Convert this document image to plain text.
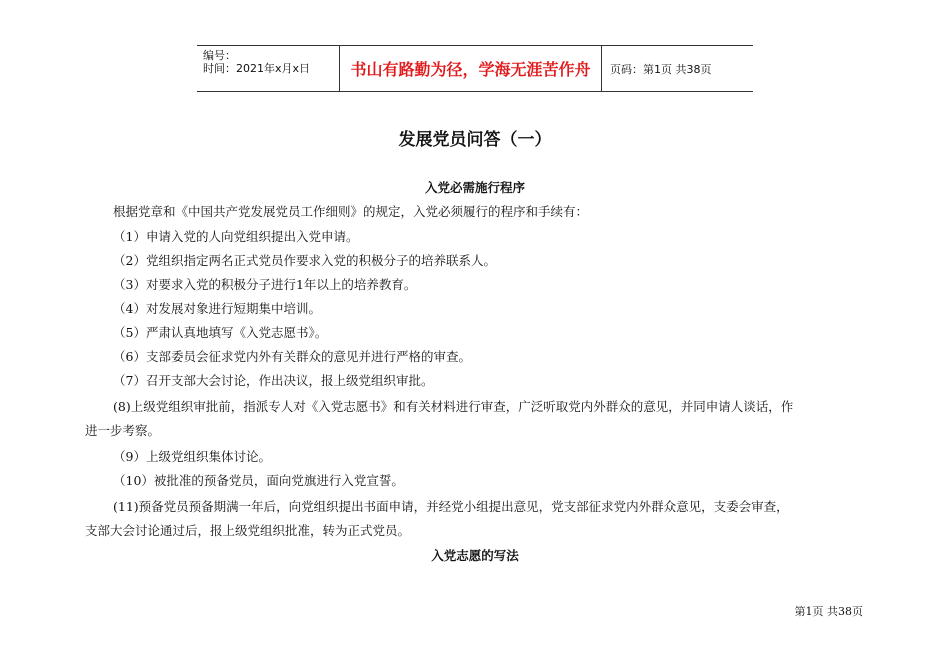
编号：
时间：2021年x月x日	书山有路勤为径，学海无涯苦作舟	页码：第1页 共38页
发展党员问答（一）
入党必需施行程序
根据党章和《中国共产党发展党员工作细则》的规定，入党必须履行的程序和手续有：
（1）申请入党的人向党组织提出入党申请。
（2）党组织指定两名正式党员作要求入党的积极分子的培养联系人。
（3）对要求入党的积极分子进行1年以上的培养教育。
（4）对发展对象进行短期集中培训。
（5）严肃认真地填写《入党志愿书》。
（6）支部委员会征求党内外有关群众的意见并进行严格的审查。
（7）召开支部大会讨论，作出决议，报上级党组织审批。
(8)上级党组织审批前，指派专人对《入党志愿书》和有关材料进行审查，广泛听取党内外群众的意见，并同申请人谈话，作进一步考察。
（9）上级党组织集体讨论。
（10）被批准的预备党员，面向党旗进行入党宣誓。
(11)预备党员预备期满一年后，向党组织提出书面申请，并经党小组提出意见，党支部征求党内外群众意见，支委会审查，支部大会讨论通过后，报上级党组织批准，转为正式党员。
入党志愿的写法
第1页 共38页
